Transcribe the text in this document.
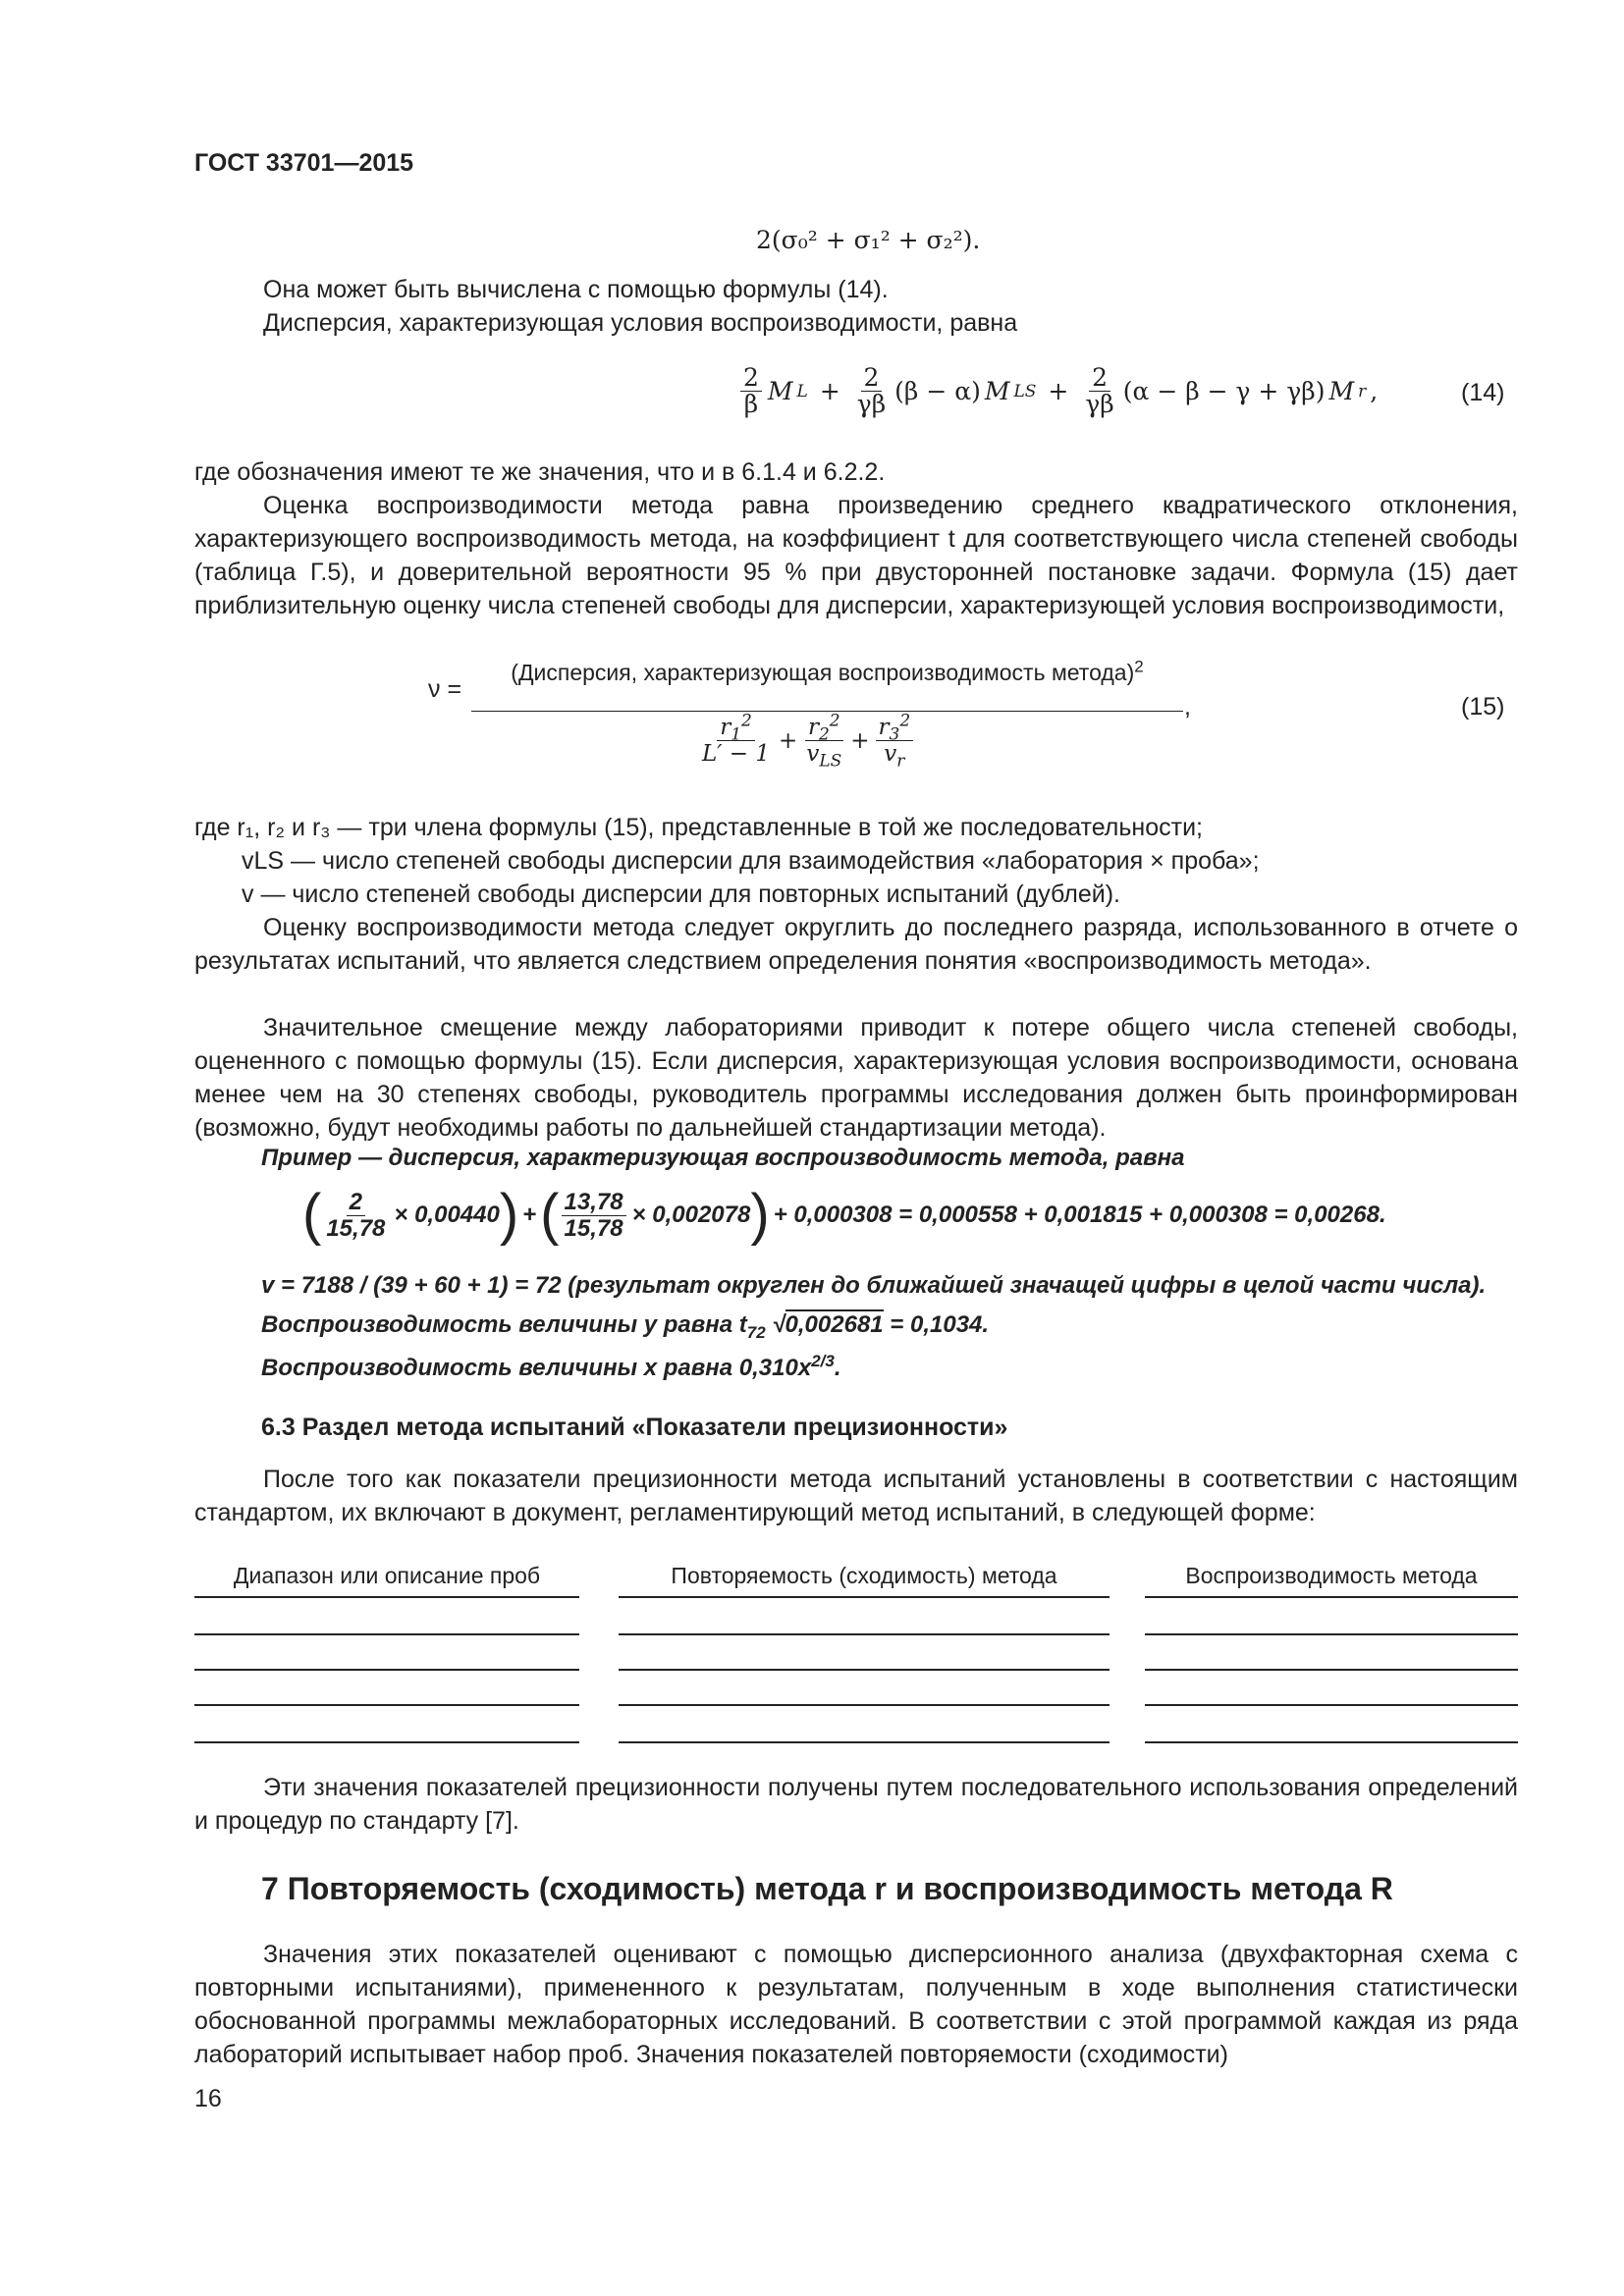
ГОСТ 33701—2015
2(σ₀² + σ₁² + σ₂²).
Она может быть вычислена с помощью формулы (14).
Дисперсия, характеризующая условия воспроизводимости, равна
$\frac{2}{\beta}$ M $L + \frac{2}{\gamma\beta} (\beta - \alpha)$ M LS + $\frac{2}{\gamma\beta} (\alpha - \beta - \gamma + \gamma\beta)$ M r ,	(14)
где обозначения имеют те же значения, что и в 6.1.4 и 6.2.2.
Оценка воспроизводимости метода равна произведению среднего квадратического отклонения, характеризующего воспроизводимость метода, на коэффициент t для соответствующего числа степеней свободы (таблица Г.5), и доверительной вероятности 95 % при двусторонней постановке задачи. Формула (15) дает приблизительную оценку числа степеней свободы для дисперсии, характеризующей условия воспроизводимости,
ν =
(Дисперсия, характеризующая воспроизводимость метода)$^2$
,
$\frac{r_1^2}{L' - 1} + \frac{r_2^2}{v_{LS}} + \frac{r_3^2}{v_r}$
(15)
где r₁, r₂ и r₃ — три члена формулы (15), представленные в той же последовательности;
vLS — число степеней свободы дисперсии для взаимодействия «лаборатория × проба»;
v — число степеней свободы дисперсии для повторных испытаний (дублей).
Оценку воспроизводимости метода следует округлить до последнего разряда, использованного в отчете о результатах испытаний, что является следствием определения понятия «воспроизводимость метода».
Значительное смещение между лабораториями приводит к потере общего числа степеней свободы, оцененного с помощью формулы (15). Если дисперсия, характеризующая условия воспроизводимости, основана менее чем на 30 степенях свободы, руководитель программы исследования должен быть проинформирован (возможно, будут необходимы работы по дальнейшей стандартизации метода).
Пример — дисперсия, характеризующая воспроизводимость метода, равна
( $\frac{2}{15,78} \times 0,00440$ ) + ( $\frac{13,78}{15,78} \times 0,002078$ ) + 0,000308 = 0,000558 + 0,001815 + 0,000308 = 0,00268.
v = 7188 / (39 + 60 + 1) = 72 (результат округлен до ближайшей значащей цифры в целой части числа).
Воспроизводимость величины y равна $t_{72}$ √0,002681 = 0,1034.
Воспроизводимость величины x равна $0,310x^{2/3}$.
6.3 Раздел метода испытаний «Показатели прецизионности»
После того как показатели прецизионности метода испытаний установлены в соответствии с настоящим стандартом, их включают в документ, регламентирующий метод испытаний, в следующей форме:
Диапазон или описание проб	Повторяемость (сходимость) метода	Воспроизводимость метода
Эти значения показателей прецизионности получены путем последовательного использования определений и процедур по стандарту [7].
7 Повторяемость (сходимость) метода r и воспроизводимость метода R
Значения этих показателей оценивают с помощью дисперсионного анализа (двухфакторная схема с повторными испытаниями), примененного к результатам, полученным в ходе выполнения статистически обоснованной программы межлабораторных исследований. В соответствии с этой программой каждая из ряда лабораторий испытывает набор проб. Значения показателей повторяемости (сходимости)
16
